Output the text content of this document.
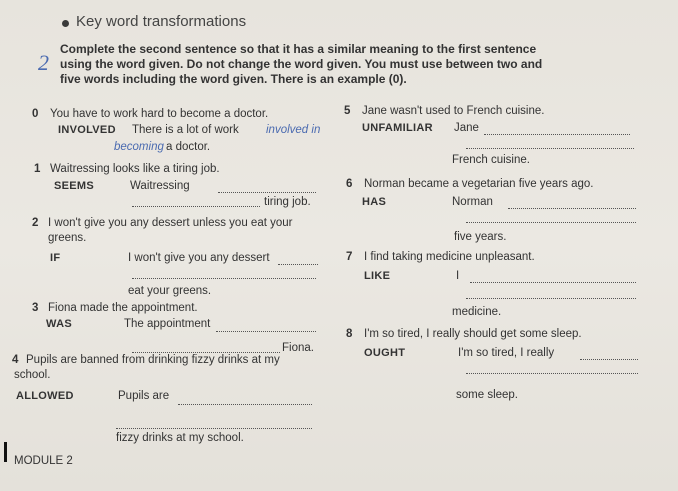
Key word transformations
2
Complete the second sentence so that it has a similar meaning to the first sentence
using the word given. Do not change the word given. You must use between two and
five words including the word given. There is an example (0).
0 You have to work hard to become a doctor.
INVOLVED There is a lot of work involved in
becoming a doctor.
1 Waitressing looks like a tiring job.
SEEMS	Waitressing
tiring job.
2 I won't give you any dessert unless you eat your
greens.
IF	I won't give you any dessert
eat your greens.
3 Fiona made the appointment.
WAS	The appointment
Fiona.
4 Pupils are banned from drinking fizzy drinks at my
school.
ALLOWED	Pupils are
fizzy drinks at my school.
5 Jane wasn't used to French cuisine.
UNFAMILIAR Jane
French cuisine.
6 Norman became a vegetarian five years ago.
HAS	Norman
five years.
7 I find taking medicine unpleasant.
LIKE	I
medicine.
8 I'm so tired, I really should get some sleep.
OUGHT	I'm so tired, I really
some sleep.
MODULE 2
